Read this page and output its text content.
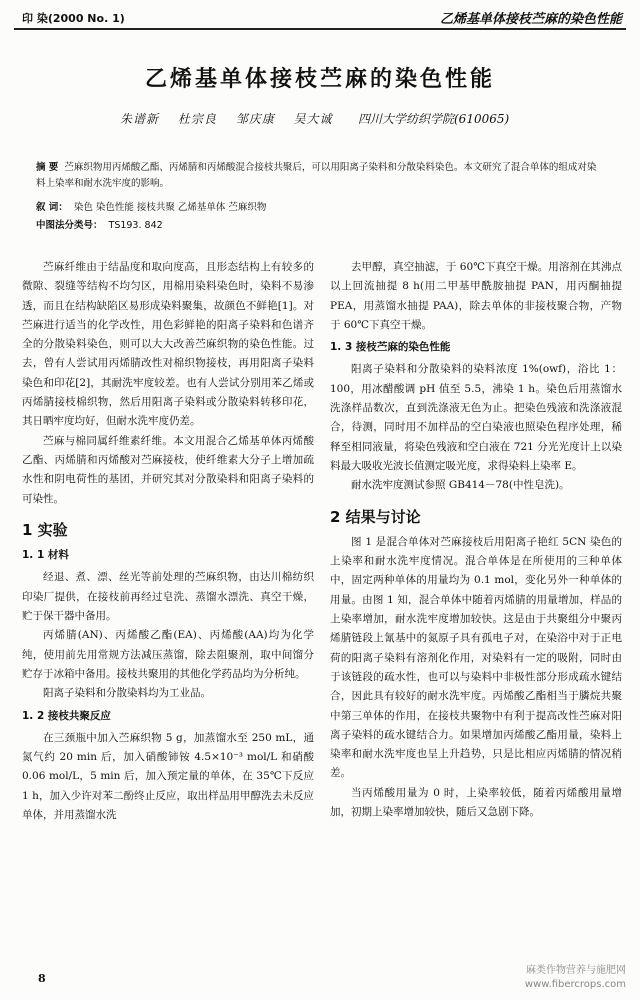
印 染(2000 No. 1)	乙烯基单体接枝苎麻的染色性能
乙烯基单体接枝苎麻的染色性能
朱谱新 杜宗良 邹庆康 吴大诚	四川大学纺织学院(610065)
摘 要 苎麻织物用丙烯酸乙酯、丙烯腈和丙烯酸混合接枝共聚后，可以用阳离子染料和分散染料染色。本文研究了混合单体的组成对染料上染率和耐水洗牢度的影响。
叙 词： 染色 染色性能 接枝共聚 乙烯基单体 苎麻织物
中图法分类号： TS193. 842

苎麻纤维由于结晶度和取向度高，且形态结构上有较多的微隙、裂缝等结构不均匀区，用棉用染料染色时，染料不易渗透，而且在结构缺陷区易形成染料聚集，故颜色不鲜艳[1]。对苎麻进行适当的化学改性，用色彩鲜艳的阳离子染料和色谱齐全的分散染料染色，则可以大大改善苎麻织物的染色性能。过去，曾有人尝试用丙烯腈改性对棉织物接枝，再用阳离子染料染色和印花[2]，其耐洗牢度较差。也有人尝试分别用苯乙烯或丙烯腈接枝棉织物，然后用阳离子染料或分散染料转移印花，其日晒牢度均好，但耐水洗牢度仍差。

苎麻与棉同属纤维素纤维。本文用混合乙烯基单体丙烯酸乙酯、丙烯腈和丙烯酸对苎麻接枝，使纤维素大分子上增加疏水性和阴电荷性的基团，并研究其对分散染料和阳离子染料的可染性。

1 实验

1. 1 材料

经退、煮、漂、丝光等前处理的苎麻织物，由达川棉纺织印染厂提供，在接枝前再经过皂洗、蒸馏水漂洗、真空干燥，贮于保干器中备用。

丙烯腈(AN)、丙烯酸乙酯(EA)、丙烯酸(AA)均为化学纯，使用前先用常规方法减压蒸馏，除去阻聚剂，取中间馏分贮存于冰箱中备用。接枝共聚用的其他化学药品均为分析纯。

阳离子染料和分散染料均为工业品。

1. 2 接枝共聚反应

在三颈瓶中加入苎麻织物 5 g，加蒸馏水至 250 mL，通氮气约 20 min 后，加入硝酸铈铵 4.5×10⁻³ mol/L 和硝酸 0.06 mol/L，5 min 后，加入预定量的单体，在 35℃下反应 1 h，加入少许对苯二酚终止反应，取出样品用甲醇洗去未反应单体，并用蒸馏水洗

去甲醇，真空抽滤，于 60℃下真空干燥。用溶剂在其沸点以上回流抽提 8 h(用二甲基甲酰胺抽提 PAN，用丙酮抽提 PEA，用蒸馏水抽提 PAA)，除去单体的非接枝聚合物，产物于 60℃下真空干燥。

1. 3 接枝苎麻的染色性能

阳离子染料和分散染料的染料浓度 1%(owf)，浴比 1：100，用冰醋酸调 pH 值至 5.5，沸染 1 h。染色后用蒸馏水洗涤样品数次，直到洗涤液无色为止。把染色残液和洗涤液混合，待测，同时用不加样品的空白染液也照染色程序处理，稀释至相同液量，将染色残液和空白液在 721 分光光度计上以染料最大吸收光波长值测定吸光度，求得染料上染率 E。

耐水洗牢度测试参照 GB414－78(中性皂洗)。

2 结果与讨论

图 1 是混合单体对苎麻接枝后用阳离子艳红 5CN 染色的上染率和耐水洗牢度情况。混合单体是在所使用的三种单体中，固定两种单体的用量均为 0.1 mol，变化另外一种单体的用量。由图 1 知，混合单体中随着丙烯腈的用量增加，样品的上染率增加，耐水洗牢度增加较快。这是由于共聚组分中聚丙烯腈链段上氰基中的氮原子具有孤电子对，在染浴中对于正电荷的阳离子染料有溶剂化作用，对染料有一定的吸附，同时由于该链段的疏水性，也可以与染料中非极性部分形成疏水键结合，因此具有较好的耐水洗牢度。丙烯酸乙酯相当于膦烷共聚中第三单体的作用，在接枝共聚物中有利于提高改性苎麻对阳离子染料的疏水键结合力。如果增加丙烯酸乙酯用量，染料上染率和耐水洗牢度也呈上升趋势，只是比相应丙烯腈的情况稍差。

当丙烯酸用量为 0 时，上染率较低，随着丙烯酸用量增加，初期上染率增加较快，随后又急剧下降。

8
麻类作物营养与施肥网
www.fibercrops.com
